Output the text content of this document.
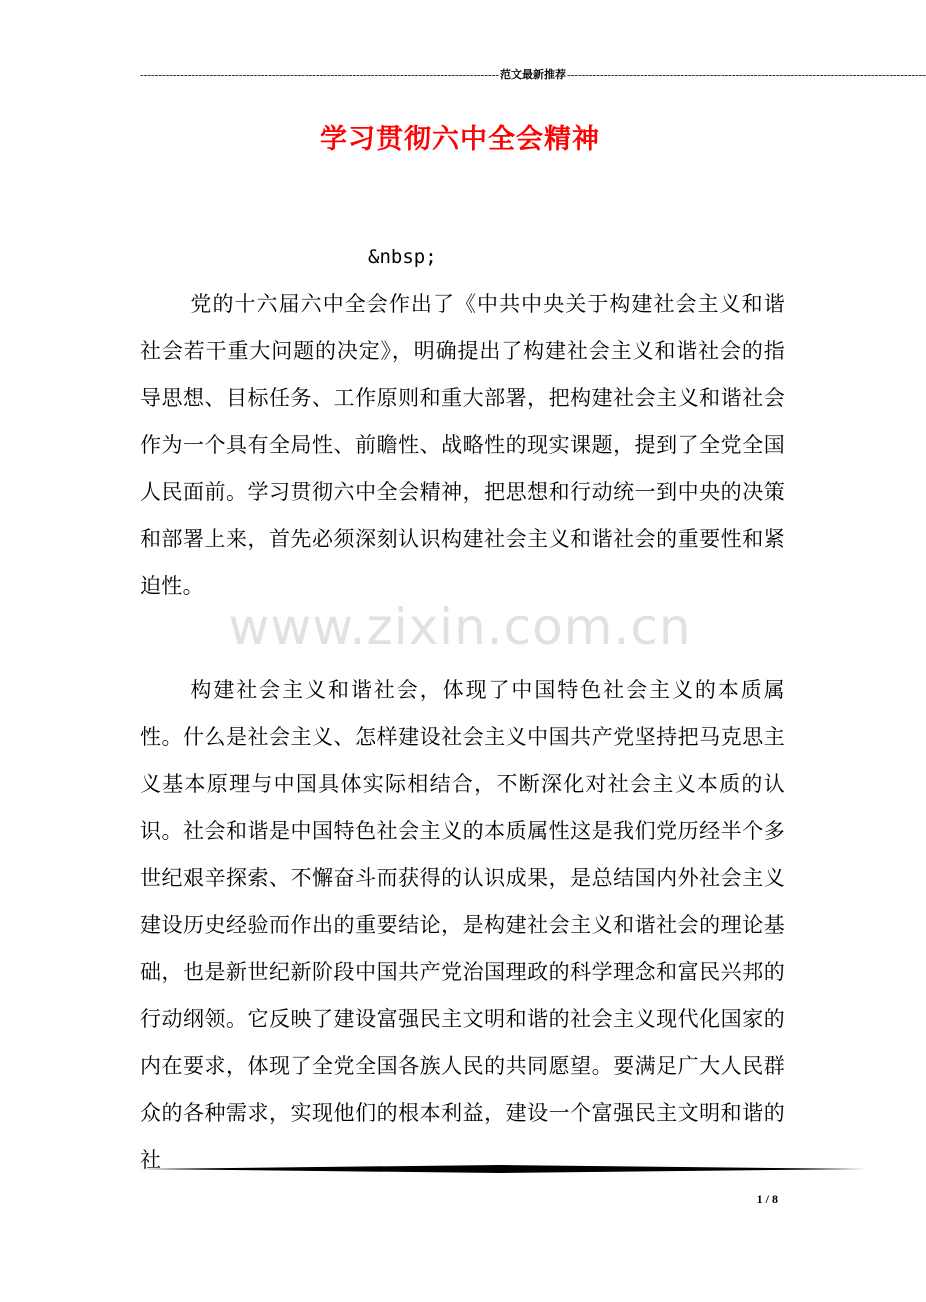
-------------------------------------------------------------------------------------------------- 范文最新推荐 --------------------------------------------------------------------------------------------------
学习贯彻六中全会精神
&nbsp;

党的十六届六中全会作出了《中共中央关于构建社会主义和谐社会若干重大问题的决定》，明确提出了构建社会主义和谐社会的指导思想、目标任务、工作原则和重大部署，把构建社会主义和谐社会作为一个具有全局性、前瞻性、战略性的现实课题，提到了全党全国人民面前。学习贯彻六中全会精神，把思想和行动统一到中央的决策和部署上来，首先必须深刻认识构建社会主义和谐社会的重要性和紧迫性。

www.zixin.com.cn

构建社会主义和谐社会，体现了中国特色社会主义的本质属性。什么是社会主义、怎样建设社会主义中国共产党坚持把马克思主义基本原理与中国具体实际相结合，不断深化对社会主义本质的认识。社会和谐是中国特色社会主义的本质属性这是我们党历经半个多世纪艰辛探索、不懈奋斗而获得的认识成果，是总结国内外社会主义建设历史经验而作出的重要结论，是构建社会主义和谐社会的理论基础，也是新世纪新阶段中国共产党治国理政的科学理念和富民兴邦的行动纲领。它反映了建设富强民主文明和谐的社会主义现代化国家的内在要求，体现了全党全国各族人民的共同愿望。要满足广大人民群众的各种需求，实现他们的根本利益，建设一个富强民主文明和谐的社

1 / 8
